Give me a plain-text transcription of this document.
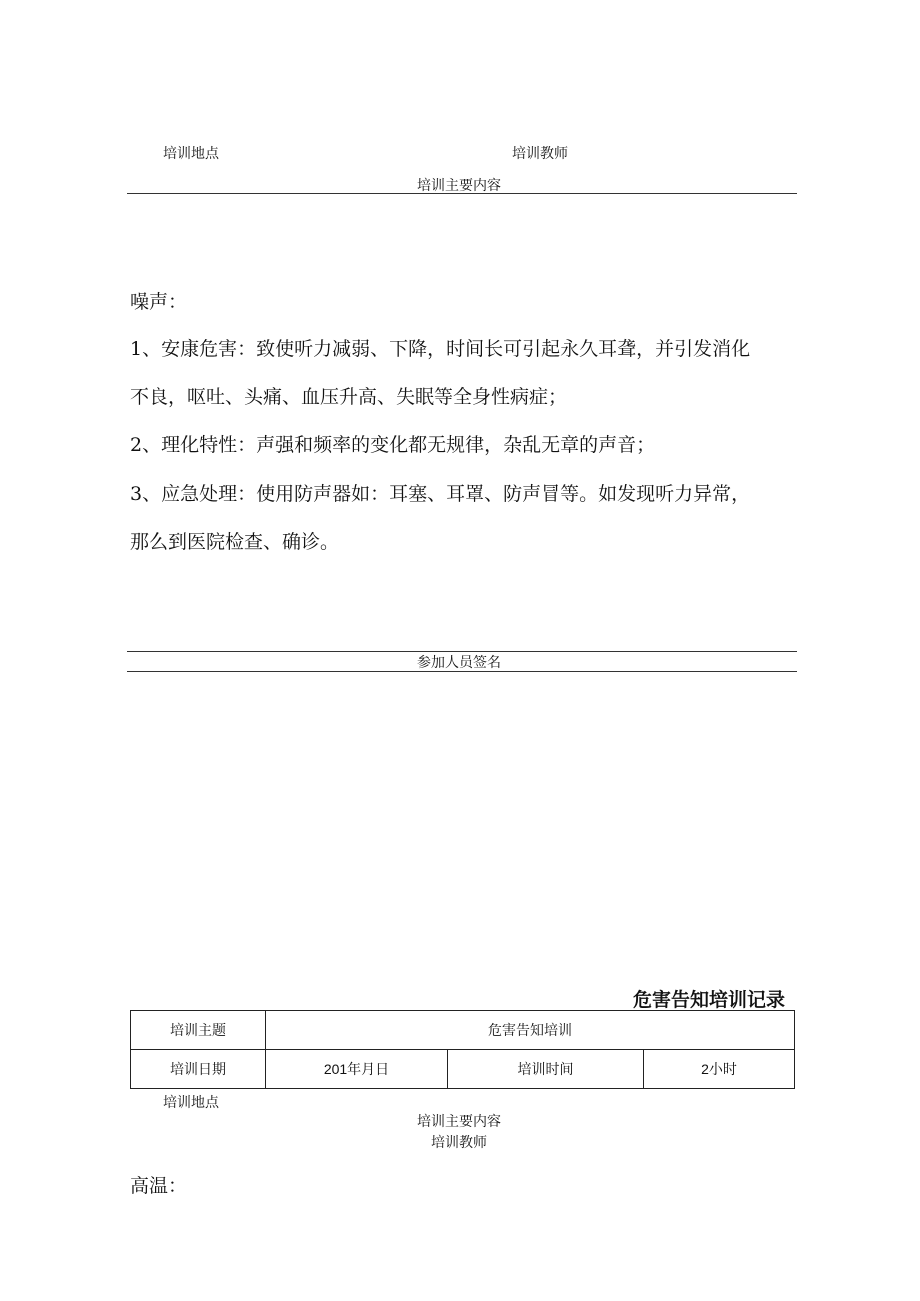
培训地点	培训教师
培训主要内容
噪声：
1、安康危害：致使听力减弱、下降，时间长可引起永久耳聋，并引发消化
不良，呕吐、头痛、血压升高、失眠等全身性病症；
2、理化特性：声强和频率的变化都无规律，杂乱无章的声音；
3、应急处理：使用防声器如：耳塞、耳罩、防声冒等。如发现听力异常，
那么到医院检查、确诊。
参加人员签名
危害告知培训记录
培训主题	危害告知培训		
培训日期	201年月日	培训时间	2小时
培训地点
培训主要内容
培训教师
高温：
